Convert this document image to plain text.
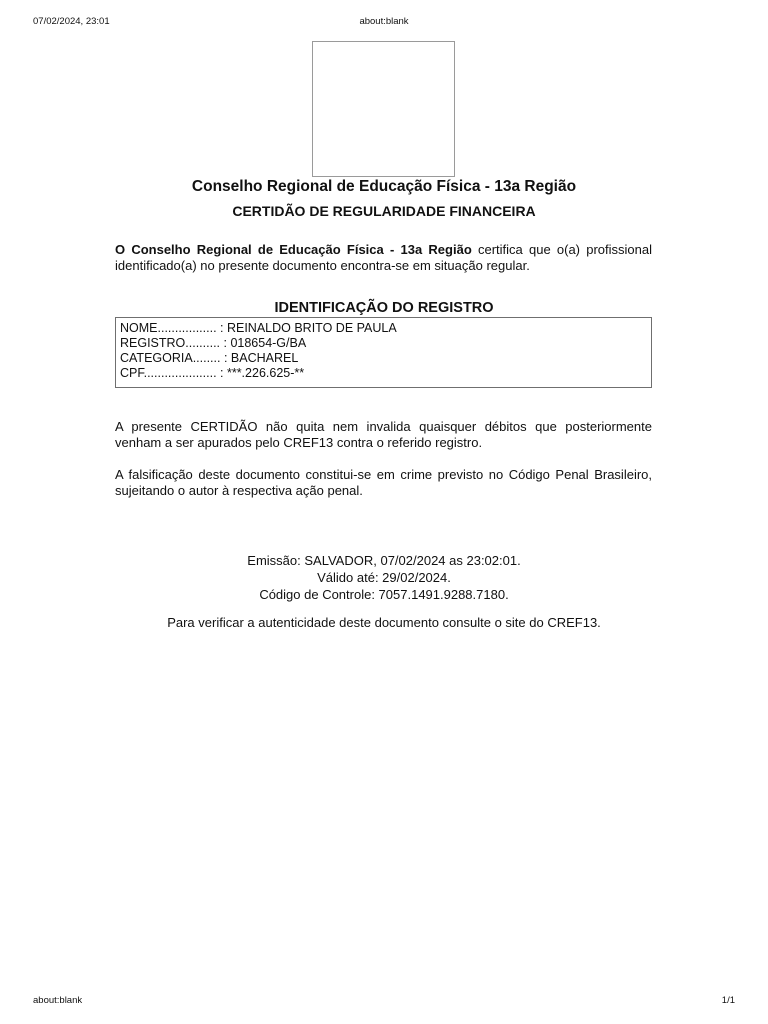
07/02/2024, 23:01	about:blank
Conselho Regional de Educação Física - 13a Região
CERTIDÃO DE REGULARIDADE FINANCEIRA
O Conselho Regional de Educação Física - 13a Região certifica que o(a) profissional identificado(a) no presente documento encontra-se em situação regular.
IDENTIFICAÇÃO DO REGISTRO
NOME................. : REINALDO BRITO DE PAULA
REGISTRO.......... : 018654-G/BA
CATEGORIA........ : BACHAREL
CPF..................... : ***.226.625-**
A presente CERTIDÃO não quita nem invalida quaisquer débitos que posteriormente venham a ser apurados pelo CREF13 contra o referido registro.
A falsificação deste documento constitui-se em crime previsto no Código Penal Brasileiro, sujeitando o autor à respectiva ação penal.
Emissão: SALVADOR, 07/02/2024 as 23:02:01.
Válido até: 29/02/2024.
Código de Controle: 7057.1491.9288.7180.
Para verificar a autenticidade deste documento consulte o site do CREF13.
about:blank	1/1
